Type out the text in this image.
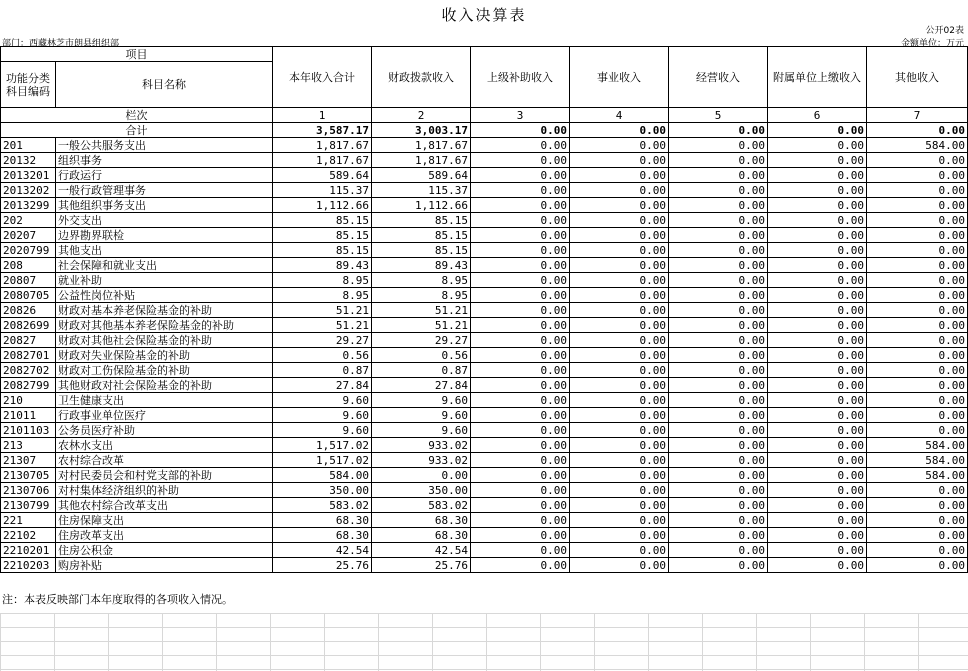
收入决算表
公开02表
部门：西藏林芝市朗县组织部	金额单位：万元
项目		本年收入合计	财政拨款收入	上级补助收入	事业收入	经营收入	附属单位上缴收入	其他收入
功能分类科目编码	科目名称							
栏次		1	2	3	4	5	6	7
合计		3,587.17	3,003.17	0.00	0.00	0.00	0.00	0.00
201	一般公共服务支出	1,817.67	1,817.67	0.00	0.00	0.00	0.00	584.00
20132	组织事务	1,817.67	1,817.67	0.00	0.00	0.00	0.00	0.00
2013201	行政运行	589.64	589.64	0.00	0.00	0.00	0.00	0.00
2013202	一般行政管理事务	115.37	115.37	0.00	0.00	0.00	0.00	0.00
2013299	其他组织事务支出	1,112.66	1,112.66	0.00	0.00	0.00	0.00	0.00
202	外交支出	85.15	85.15	0.00	0.00	0.00	0.00	0.00
20207	边界勘界联检	85.15	85.15	0.00	0.00	0.00	0.00	0.00
2020799	其他支出	85.15	85.15	0.00	0.00	0.00	0.00	0.00
208	社会保障和就业支出	89.43	89.43	0.00	0.00	0.00	0.00	0.00
20807	就业补助	8.95	8.95	0.00	0.00	0.00	0.00	0.00
2080705	公益性岗位补贴	8.95	8.95	0.00	0.00	0.00	0.00	0.00
20826	财政对基本养老保险基金的补助	51.21	51.21	0.00	0.00	0.00	0.00	0.00
2082699	财政对其他基本养老保险基金的补助	51.21	51.21	0.00	0.00	0.00	0.00	0.00
20827	财政对其他社会保险基金的补助	29.27	29.27	0.00	0.00	0.00	0.00	0.00
2082701	财政对失业保险基金的补助	0.56	0.56	0.00	0.00	0.00	0.00	0.00
2082702	财政对工伤保险基金的补助	0.87	0.87	0.00	0.00	0.00	0.00	0.00
2082799	其他财政对社会保险基金的补助	27.84	27.84	0.00	0.00	0.00	0.00	0.00
210	卫生健康支出	9.60	9.60	0.00	0.00	0.00	0.00	0.00
21011	行政事业单位医疗	9.60	9.60	0.00	0.00	0.00	0.00	0.00
2101103	公务员医疗补助	9.60	9.60	0.00	0.00	0.00	0.00	0.00
213	农林水支出	1,517.02	933.02	0.00	0.00	0.00	0.00	584.00
21307	农村综合改革	1,517.02	933.02	0.00	0.00	0.00	0.00	584.00
2130705	对村民委员会和村党支部的补助	584.00	0.00	0.00	0.00	0.00	0.00	584.00
2130706	对村集体经济组织的补助	350.00	350.00	0.00	0.00	0.00	0.00	0.00
2130799	其他农村综合改革支出	583.02	583.02	0.00	0.00	0.00	0.00	0.00
221	住房保障支出	68.30	68.30	0.00	0.00	0.00	0.00	0.00
22102	住房改革支出	68.30	68.30	0.00	0.00	0.00	0.00	0.00
2210201	住房公积金	42.54	42.54	0.00	0.00	0.00	0.00	0.00
2210203	购房补贴	25.76	25.76	0.00	0.00	0.00	0.00	0.00
注：本表反映部门本年度取得的各项收入情况。
